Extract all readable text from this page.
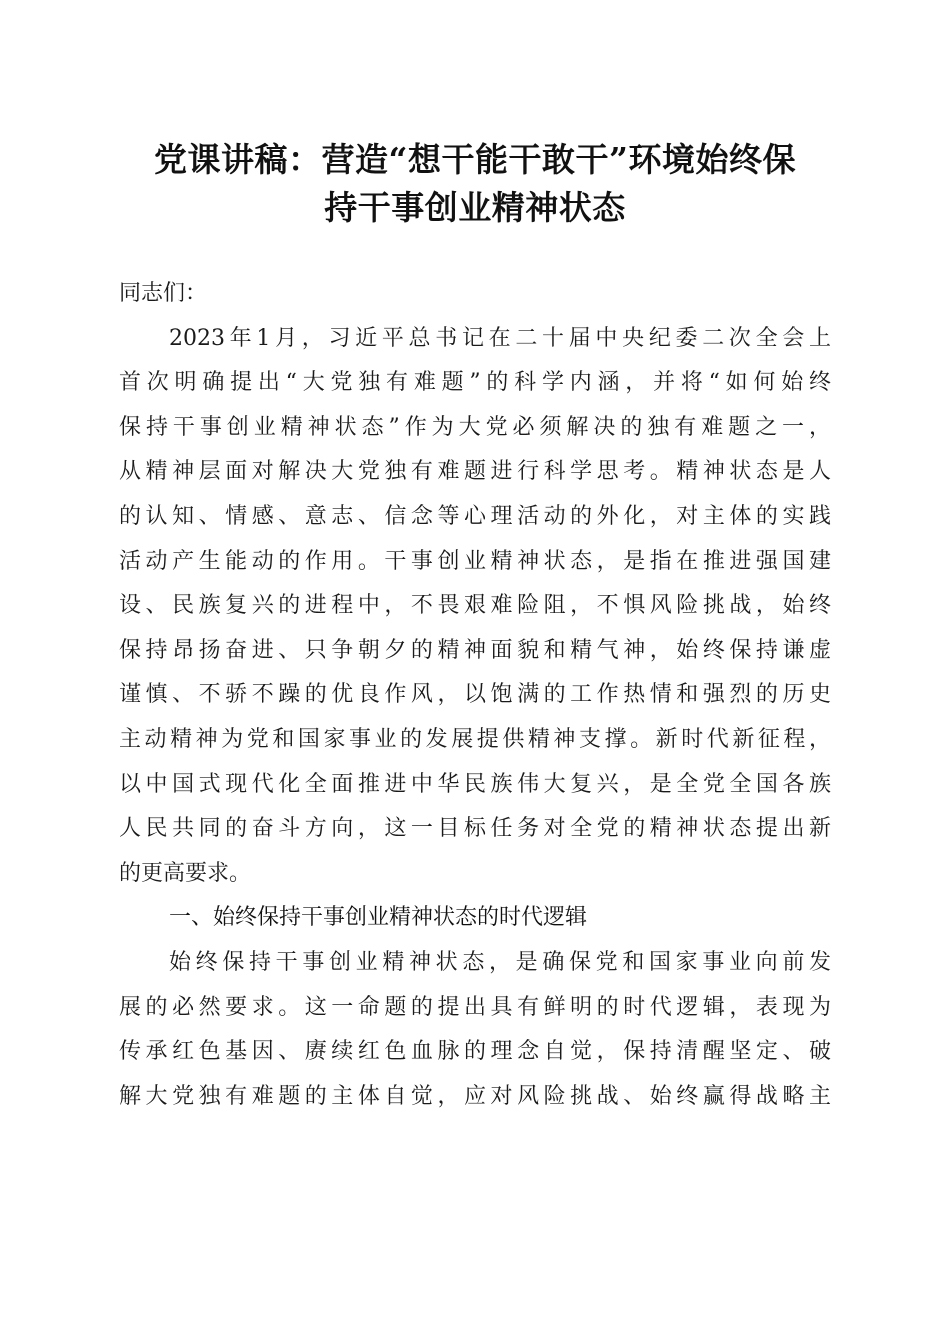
党课讲稿：营造“想干能干敢干”环境始终保
持干事创业精神状态
同志们：
2023年1月，习近平总书记在二十届中央纪委二次全会上
首次明确提出“大党独有难题”的科学内涵，并将“如何始终
保持干事创业精神状态”作为大党必须解决的独有难题之一，
从精神层面对解决大党独有难题进行科学思考。精神状态是人
的认知、情感、意志、信念等心理活动的外化，对主体的实践
活动产生能动的作用。干事创业精神状态，是指在推进强国建
设、民族复兴的进程中，不畏艰难险阻，不惧风险挑战，始终
保持昂扬奋进、只争朝夕的精神面貌和精气神，始终保持谦虚
谨慎、不骄不躁的优良作风，以饱满的工作热情和强烈的历史
主动精神为党和国家事业的发展提供精神支撑。新时代新征程，
以中国式现代化全面推进中华民族伟大复兴，是全党全国各族
人民共同的奋斗方向，这一目标任务对全党的精神状态提出新
的更高要求。
一、始终保持干事创业精神状态的时代逻辑
始终保持干事创业精神状态，是确保党和国家事业向前发
展的必然要求。这一命题的提出具有鲜明的时代逻辑，表现为
传承红色基因、赓续红色血脉的理念自觉，保持清醒坚定、破
解大党独有难题的主体自觉，应对风险挑战、始终赢得战略主
